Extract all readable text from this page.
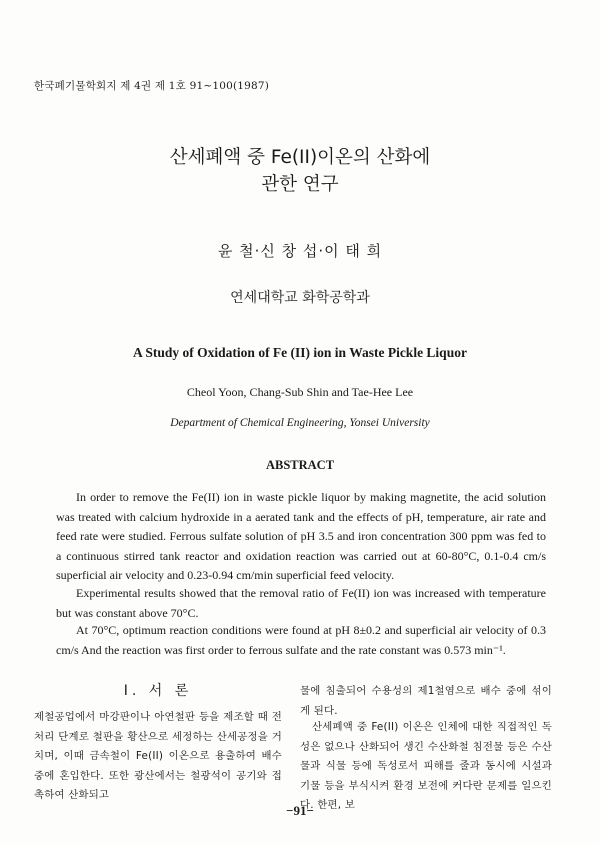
한국폐기물학회지 제 4권 제 1호 91∼100(1987)
산세폐액 중 Fe(II)이온의 산화에
관한 연구
윤 철·신 창 섭·이 태 희
연세대학교 화학공학과
A Study of Oxidation of Fe (II) ion in Waste Pickle Liquor
Cheol Yoon, Chang-Sub Shin and Tae-Hee Lee
Department of Chemical Engineering, Yonsei University
ABSTRACT
In order to remove the Fe(II) ion in waste pickle liquor by making magnetite, the acid solution was treated with calcium hydroxide in a aerated tank and the effects of pH, temperature, air rate and feed rate were studied. Ferrous sulfate solution of pH 3.5 and iron concentration 300 ppm was fed to a continuous stirred tank reactor and oxidation reaction was carried out at 60-80°C, 0.1-0.4 cm/s superficial air velocity and 0.23-0.94 cm/min superficial feed velocity.
Experimental results showed that the removal ratio of Fe(II) ion was increased with temperature but was constant above 70°C.
At 70°C, optimum reaction conditions were found at pH 8±0.2 and superficial air velocity of 0.3 cm/s And the reaction was first order to ferrous sulfate and the rate constant was 0.573 min⁻¹.
I. 서 론
제철공업에서 마강판이나 아연철판 등을 제조할 때 전처리 단계로 철판을 황산으로 세정하는 산세공정을 거치며, 이때 금속철이 Fe(II) 이온으로 용출하여 배수 중에 혼입한다. 또한 광산에서는 철광석이 공기와 접촉하여 산화되고
물에 침출되어 수용성의 제1철염으로 배수 중에 섞이게 된다.
산세폐액 중 Fe(II) 이온은 인체에 대한 직접적인 독성은 없으나 산화되어 생긴 수산화철 침전물 등은 수산물과 식물 등에 독성로서 피해를 줄과 동시에 시설과 기물 등을 부식시켜 환경 보전에 커다란 문제를 일으킨다. 한편, 보
−91−
